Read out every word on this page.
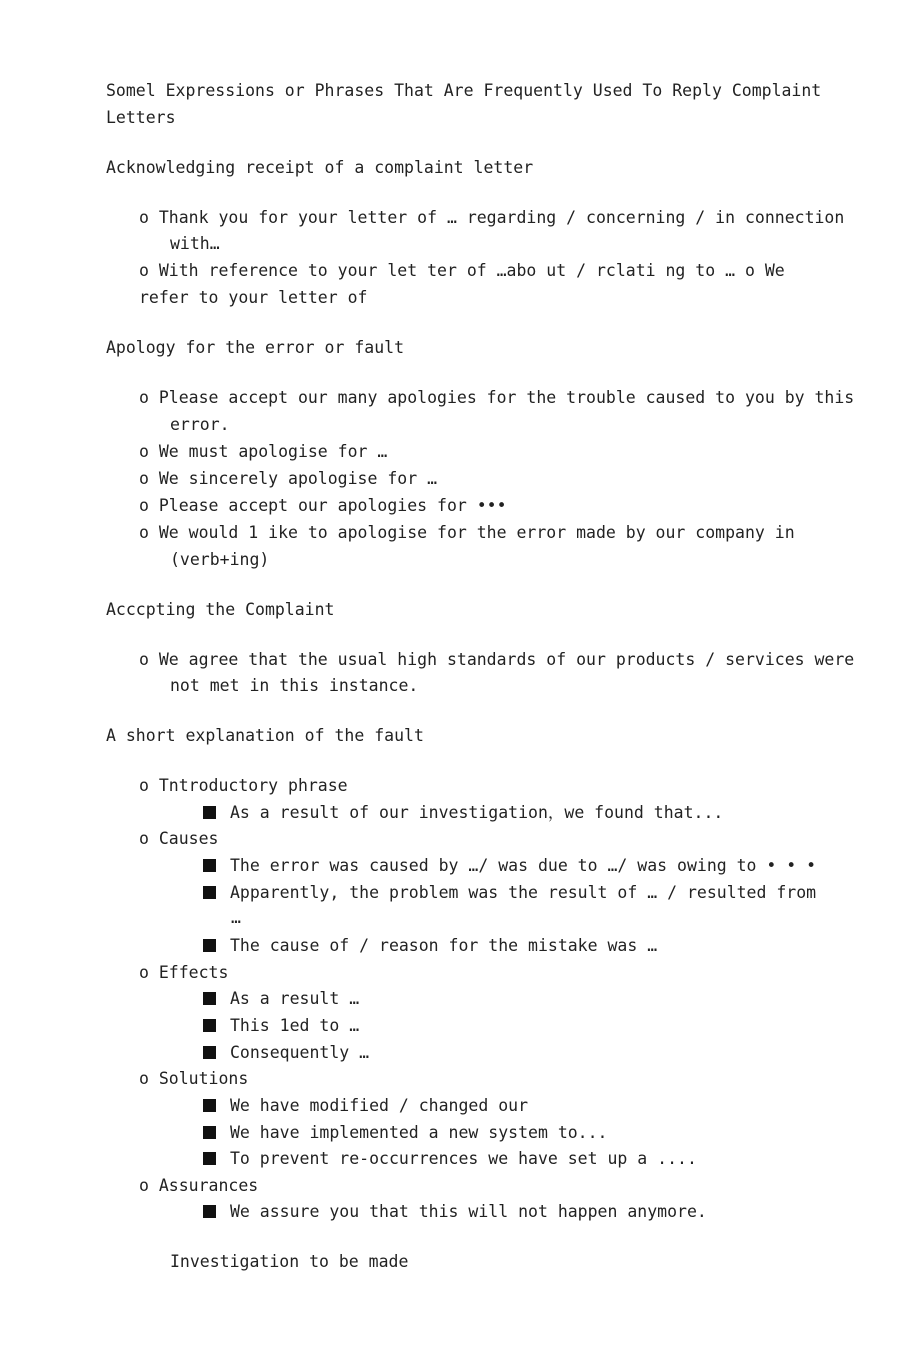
Somel Expressions or Phrases That Are Frequently Used To Reply Complaint
Letters
Acknowledging receipt of a complaint letter
o Thank you for your letter of … regarding / concerning / in connection
with…
o With reference to your let ter of …abo ut / rclati ng to … o We
refer to your letter of
Apology for the error or fault
o Please accept our many apologies for the trouble caused to you by this
error.
o We must apologise for …
o We sincerely apologise for …
o Please accept our apologies for •••
o We would 1 ike to apologise for the error made by our company in
(verb+ing)
Acccpting the Complaint
o We agree that the usual high standards of our products / services were
not met in this instance.
A short explanation of the fault
o Tntroductory phrase
As a result of our investigation，we found that...
o Causes
The error was caused by …/ was due to …/ was owing to • • •
Apparently, the problem was the result of … / resulted from
…
The cause of / reason for the mistake was …
o Effects
As a result …
This 1ed to …
Consequently …
o Solutions
We have modified / changed our
We have implemented a new system to...
To prevent re-occurrences we have set up a ....
o Assurances
We assure you that this will not happen anymore.
Investigation to be made
